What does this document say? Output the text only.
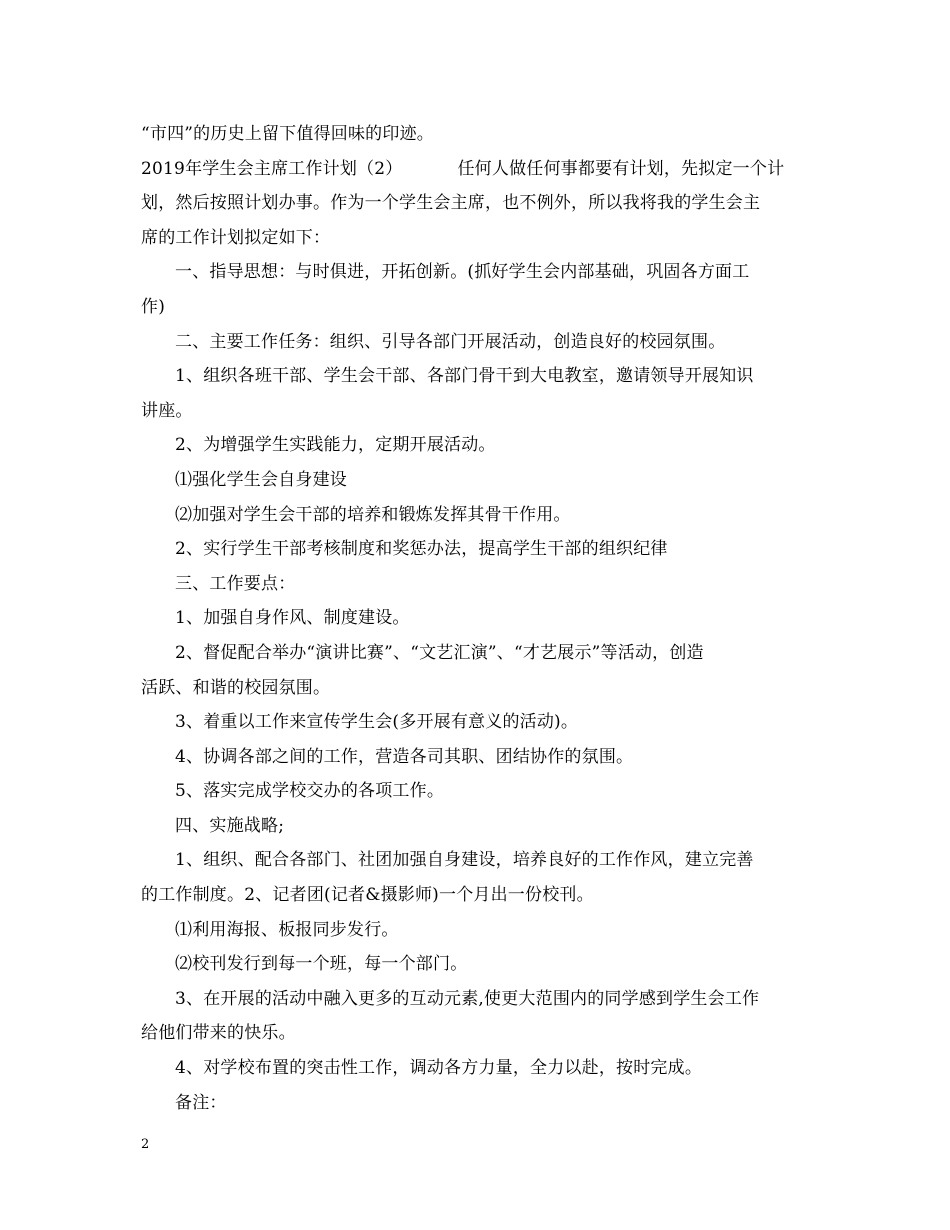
“市四”的历史上留下值得回味的印迹。
2019年学生会主席工作计划（2）	任何人做任何事都要有计划，先拟定一个计
划，然后按照计划办事。作为一个学生会主席，也不例外，所以我将我的学生会主
席的工作计划拟定如下：
一、指导思想：与时俱进，开拓创新。(抓好学生会内部基础，巩固各方面工
作)
二、主要工作任务：组织、引导各部门开展活动，创造良好的校园氛围。
1、组织各班干部、学生会干部、各部门骨干到大电教室，邀请领导开展知识
讲座。
2、为增强学生实践能力，定期开展活动。
⑴强化学生会自身建设
⑵加强对学生会干部的培养和锻炼发挥其骨干作用。
2、实行学生干部考核制度和奖惩办法，提高学生干部的组织纪律
三、工作要点：
1、加强自身作风、制度建设。
2、督促配合举办“演讲比赛”、“文艺汇演”、“才艺展示”等活动，创造
活跃、和谐的校园氛围。
3、着重以工作来宣传学生会(多开展有意义的活动)。
4、协调各部之间的工作，营造各司其职、团结协作的氛围。
5、落实完成学校交办的各项工作。
四、实施战略;
1、组织、配合各部门、社团加强自身建设，培养良好的工作作风，建立完善
的工作制度。2、记者团(记者&摄影师)一个月出一份校刊。
⑴利用海报、板报同步发行。
⑵校刊发行到每一个班，每一个部门。
3、在开展的活动中融入更多的互动元素,使更大范围内的同学感到学生会工作
给他们带来的快乐。
4、对学校布置的突击性工作，调动各方力量，全力以赴，按时完成。
备注：
2
